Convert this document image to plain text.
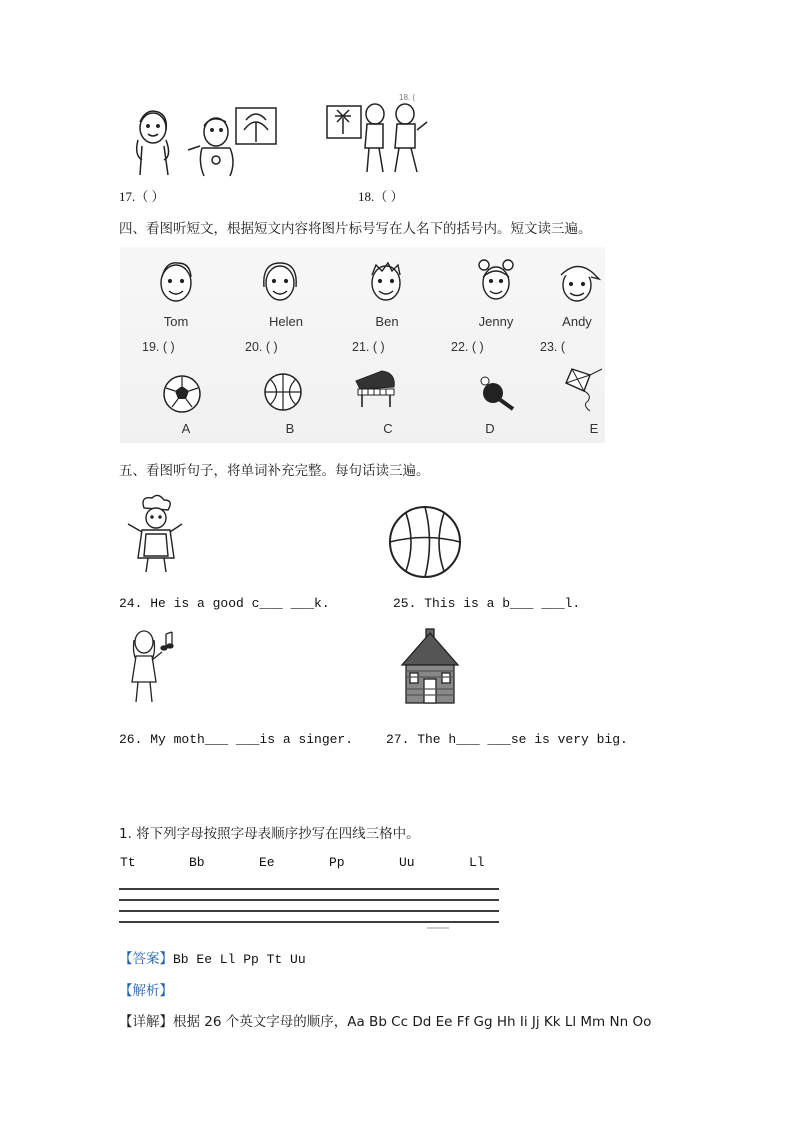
18. (
17.（ ）	18.（ ）
四、看图听短文，根据短文内容将图片标号写在人名下的括号内。短文读三遍。
Tom	Helen	Ben	Jenny	Andy
19. ( )	20. ( )	21. ( )	22. ( )	23. (
A	B	C	D	E
五、看图听句子，将单词补充完整。每句话读三遍。
24. He is a good c___ ___k.	25. This is a b___ ___l.
26. My moth___ ___is a singer.	27. The h___ ___se is very big.
1. 将下列字母按照字母表顺序抄写在四线三格中。
Tt	Bb	Ee	Pp	Uu	Ll
【答案】Bb Ee Ll Pp Tt Uu
【解析】
【详解】根据 26 个英文字母的顺序，Aa Bb Cc Dd Ee Ff Gg Hh Ii Jj Kk Ll Mm Nn Oo
